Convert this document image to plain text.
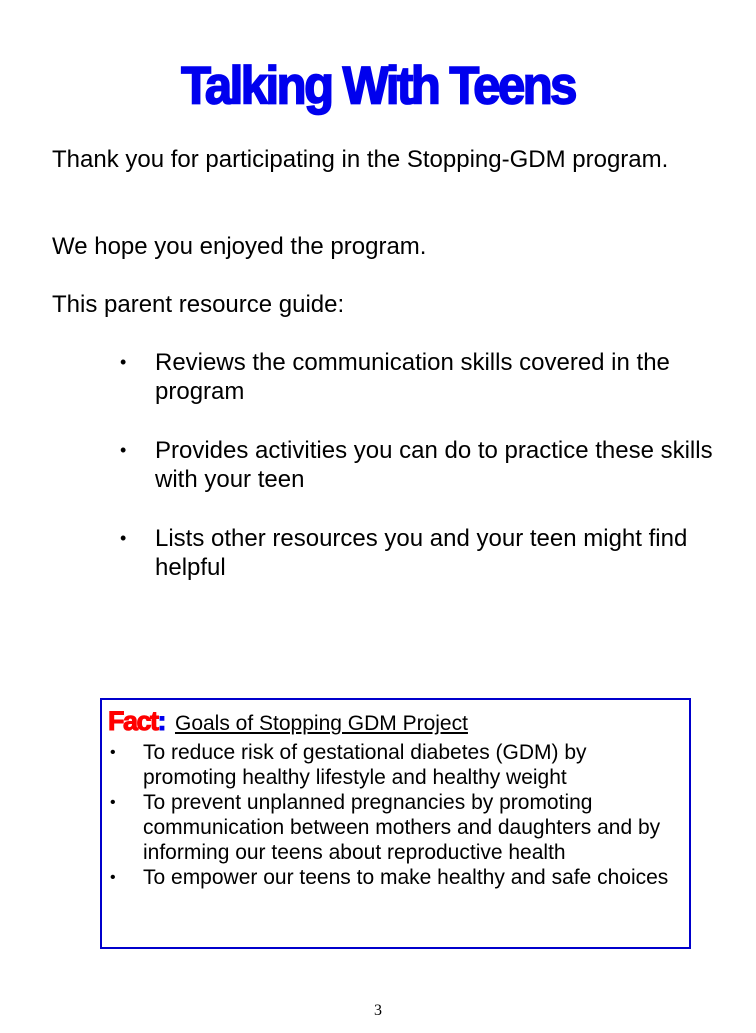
Talking With Teens
Thank you for participating in the Stopping-GDM program.
We hope you enjoyed the program.
This parent resource guide:
• Reviews the communication skills covered in the program
• Provides activities you can do to practice these skills with your teen
• Lists other resources you and your teen might find helpful
Fact: Goals of Stopping GDM Project
• To reduce risk of gestational diabetes (GDM) by promoting healthy lifestyle and healthy weight
• To prevent unplanned pregnancies by promoting communication between mothers and daughters and by informing our teens about reproductive health
• To empower our teens to make healthy and safe choices
3
